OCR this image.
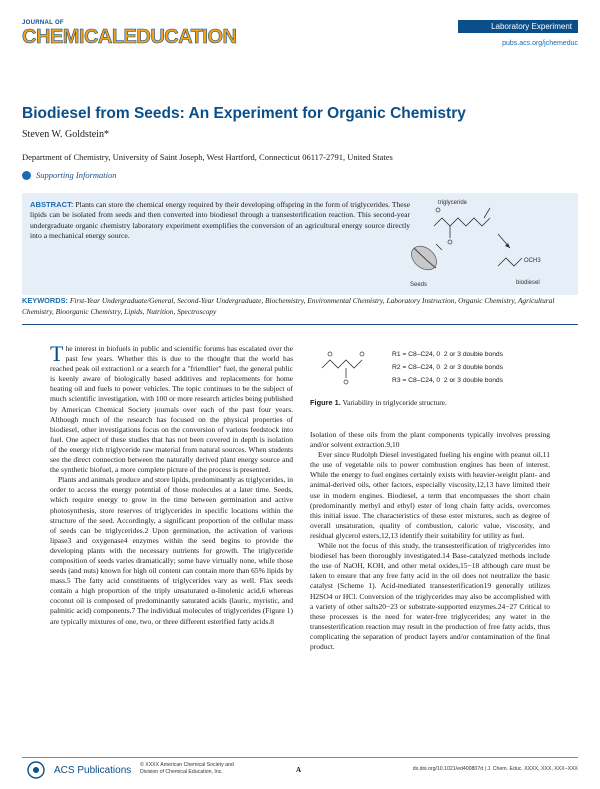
JOURNAL OF
CHEMICALEDUCATION	Laboratory Experiment
pubs.acs.org/jchemeduc
Biodiesel from Seeds: An Experiment for Organic Chemistry
Steven W. Goldstein*
Department of Chemistry, University of Saint Joseph, West Hartford, Connecticut 06117-2791, United States
Supporting Information
ABSTRACT: Plants can store the chemical energy required by their developing offspring in the form of triglycerides. These lipids can be isolated from seeds and then converted into biodiesel through a transesterification reaction. This second-year undergraduate organic chemistry laboratory experiment exemplifies the conversion of an agricultural energy source directly into a mechanical energy source.
triglyceride
OCH3
biodiesel
Seeds
KEYWORDS: First-Year Undergraduate/General, Second-Year Undergraduate, Biochemistry, Environmental Chemistry, Laboratory Instruction, Organic Chemistry, Agricultural Chemistry, Bioorganic Chemistry, Lipids, Nutrition, Spectroscopy

The interest in biofuels in public and scientific forums has escalated over the past few years. Whether this is due to the thought that the world has reached peak oil extraction1 or a search for a "friendlier" fuel, the general public is keenly aware of biologically based additives and replacements for home heating oil and fuels to power vehicles. The topic continues to be the subject of much scientific investigation, with 100 or more research articles being published by American Chemical Society journals over each of the past four years. Although much of the research has focused on the physical properties of biodiesel, other investigations focus on the conversion of various feedstock into fuel. One aspect of these studies that has not been covered in depth is isolation of the energy rich triglyceride raw material from natural sources. When students see the direct connection between the naturally derived plant energy source and the synthetic biofuel, a more complete picture of the process is presented.

Plants and animals produce and store lipids, predominantly as triglycerides, in order to access the energy potential of those molecules at a later time. Seeds, which require energy to grow in the time between germination and active photosynthesis, store reserves of triglycerides in specific locations within the structure of the seed. Accordingly, a significant proportion of the cellular mass of seeds can be triglycerides.2 Upon germination, the activation of various lipase3 and oxygenase4 enzymes within the seed begins to provide the developing plants with the necessary nutrients for growth. The triglyceride composition of seeds varies dramatically; some have virtually none, while those seeds (and nuts) known for high oil content can contain more than 65% lipids by mass.5 The fatty acid constituents of triglycerides vary as well. Flax seeds contain a high proportion of the triply unsaturated α-linolenic acid,6 whereas coconut oil is composed of predominantly saturated acids (lauric, myristic, and palmitic acid) components.7 The individual molecules of triglycerides (Figure 1) are typically mixtures of one, two, or three different esterified fatty acids.8

R1 = C8–C24, 0 2 or 3 double bonds
R2 = C8–C24, 0 2 or 3 double bonds
R3 = C8–C24, 0 2 or 3 double bonds
Figure 1. Variability in triglyceride structure.

Isolation of these oils from the plant components typically involves pressing and/or solvent extraction.9,10

Ever since Rudolph Diesel investigated fueling his engine with peanut oil,11 the use of vegetable oils to power combustion engines has been of interest. While the energy to fuel engines certainly exists with heavier-weight plant- and animal-derived oils, other factors, especially viscosity,12,13 have limited their use in modern engines. Biodiesel, a term that encompasses the short chain (predominantly methyl and ethyl) ester of long chain fatty acids, overcomes this initial issue. The characteristics of these ester mixtures, such as degree of overall unsaturation, quality of combustion, caloric value, viscosity, and residual glycerol esters,12,13 identify their suitability for utility as fuel.

While not the focus of this study, the transesterification of triglycerides into biodiesel has been thoroughly investigated.14 Base-catalyzed methods include the use of NaOH, KOH, and other metal oxides,15−18 although care must be taken to ensure that any free fatty acid in the oil does not neutralize the basic catalyst (Scheme 1). Acid-mediated transesterification19 generally utilizes H2SO4 or HCl. Conversion of the triglycerides may also be accomplished with a variety of other salts20−23 or substrate-supported enzymes.24−27 Critical to these processes is the need for water-free triglycerides; any water in the transesterification reaction may result in the production of free fatty acids, thus complicating the separation of product layers and/or contamination of the final product.

ACS Publications © XXXX American Chemical Society and
Division of Chemical Education, Inc.	A	dx.doi.org/10.1021/ed400807d | J. Chem. Educ. XXXX, XXX, XXX−XXX
